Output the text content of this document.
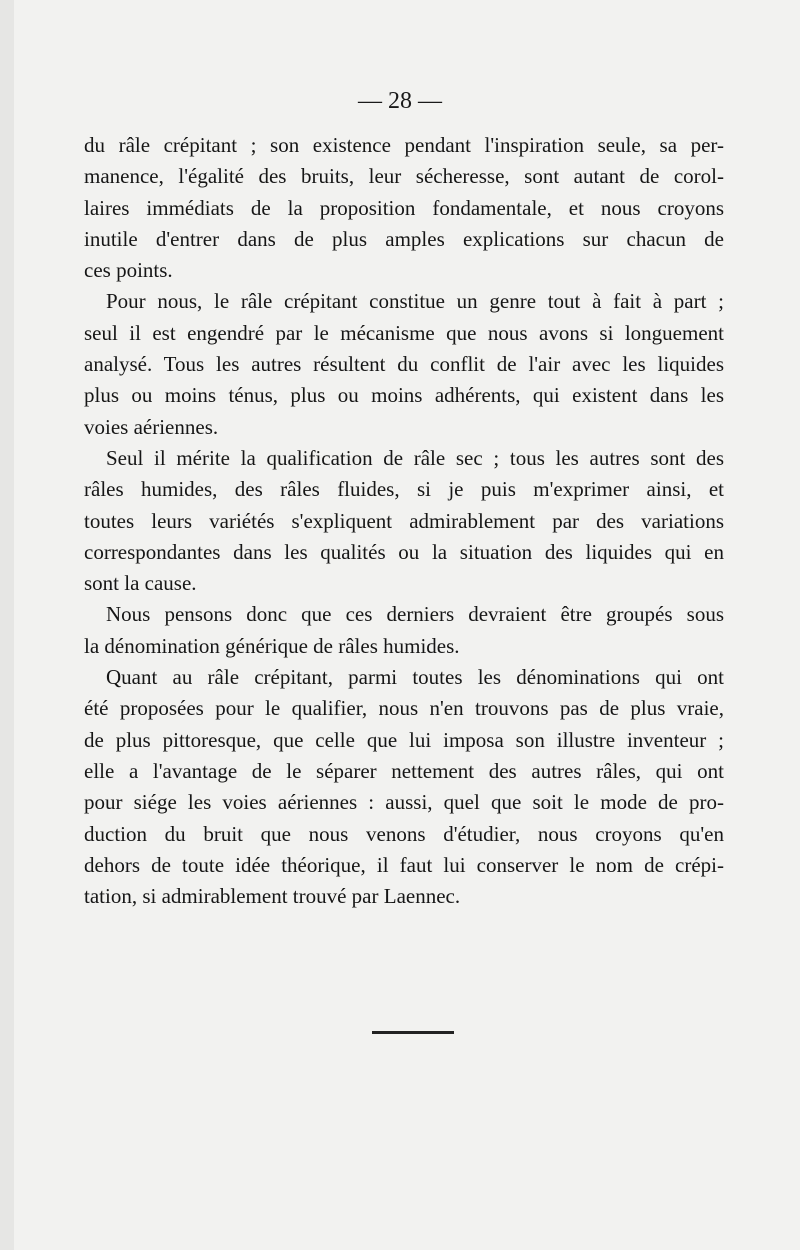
— 28 —

du râle crépitant ; son existence pendant l'inspiration seule, sa per-
manence, l'égalité des bruits, leur sécheresse, sont autant de corol-
laires immédiats de la proposition fondamentale, et nous croyons
inutile d'entrer dans de plus amples explications sur chacun de
ces points.

Pour nous, le râle crépitant constitue un genre tout à fait à part ;
seul il est engendré par le mécanisme que nous avons si longuement
analysé. Tous les autres résultent du conflit de l'air avec les liquides
plus ou moins ténus, plus ou moins adhérents, qui existent dans les
voies aériennes.

Seul il mérite la qualification de râle sec ; tous les autres sont des
râles humides, des râles fluides, si je puis m'exprimer ainsi, et
toutes leurs variétés s'expliquent admirablement par des variations
correspondantes dans les qualités ou la situation des liquides qui en
sont la cause.

Nous pensons donc que ces derniers devraient être groupés sous
la dénomination générique de râles humides.

Quant au râle crépitant, parmi toutes les dénominations qui ont
été proposées pour le qualifier, nous n'en trouvons pas de plus vraie,
de plus pittoresque, que celle que lui imposa son illustre inventeur ;
elle a l'avantage de le séparer nettement des autres râles, qui ont
pour siége les voies aériennes : aussi, quel que soit le mode de pro-
duction du bruit que nous venons d'étudier, nous croyons qu'en
dehors de toute idée théorique, il faut lui conserver le nom de crépi-
tation, si admirablement trouvé par Laennec.
